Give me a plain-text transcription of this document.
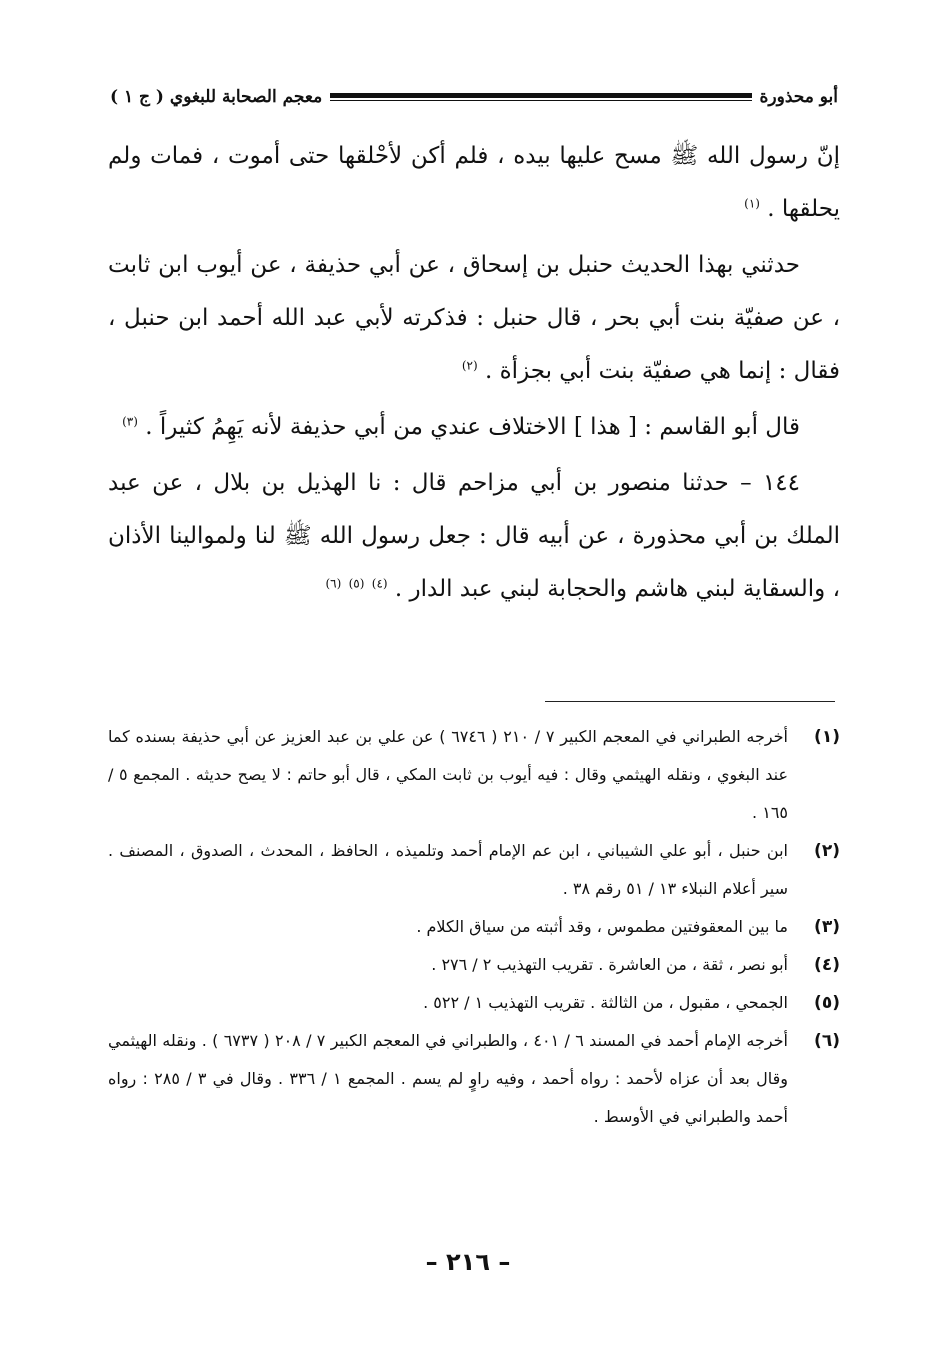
أبو محذورة
معجم الصحابة للبغوي ( ج ١ )

إنّ رسول الله ﷺ مسح عليها بيده ، فلم أكن لأحْلقها حتى أموت ، فمات ولم يحلقها . $^{(١)}$

حدثني بهذا الحديث حنبل بن إسحاق ، عن أبي حذيفة ، عن أيوب ابن ثابت ، عن صفيّة بنت أبي بحر ، قال حنبل : فذكرته لأبي عبد الله أحمد ابن حنبل ، فقال : إنما هي صفيّة بنت أبي بجزأة . $^{(٢)}$

قال أبو القاسم : [ هذا ] الاختلاف عندي من أبي حذيفة لأنه يَهِمُ كثيراً . $^{(٣)}$

١٤٤ – حدثنا منصور بن أبي مزاحم قال : نا الهذيل بن بلال ، عن عبد الملك بن أبي محذورة ، عن أبيه قال : جعل رسول الله ﷺ لنا ولموالينا الأذان ، والسقاية لبني هاشم والحجابة لبني عبد الدار . $^{(٤)}$ $^{(٥)}$ $^{(٦)}$

(١)
أخرجه الطبراني في المعجم الكبير ٧ / ٢١٠ ( ٦٧٤٦ ) عن علي بن عبد العزيز عن أبي حذيفة بسنده كما عند البغوي ، ونقله الهيثمي وقال : فيه أيوب بن ثابت المكي ، قال أبو حاتم : لا يصح حديثه . المجمع ٥ / ١٦٥ .
(٢)
ابن حنبل ، أبو علي الشيباني ، ابن عم الإمام أحمد وتلميذه ، الحافظ ، المحدث ، الصدوق ، المصنف . سير أعلام النبلاء ١٣ / ٥١ رقم ٣٨ .
(٣)
ما بين المعقوفتين مطموس ، وقد أثبته من سياق الكلام .
(٤)
أبو نصر ، ثقة ، من العاشرة . تقريب التهذيب ٢ / ٢٧٦ .
(٥)
الجمحي ، مقبول ، من الثالثة . تقريب التهذيب ١ / ٥٢٢ .
(٦)
أخرجه الإمام أحمد في المسند ٦ / ٤٠١ ، والطبراني في المعجم الكبير ٧ / ٢٠٨ ( ٦٧٣٧ ) . ونقله الهيثمي وقال بعد أن عزاه لأحمد : رواه أحمد ، وفيه راوٍ لم يسم . المجمع ١ / ٣٣٦ . وقال في ٣ / ٢٨٥ : رواه أحمد والطبراني في الأوسط .
– ٢١٦ –
